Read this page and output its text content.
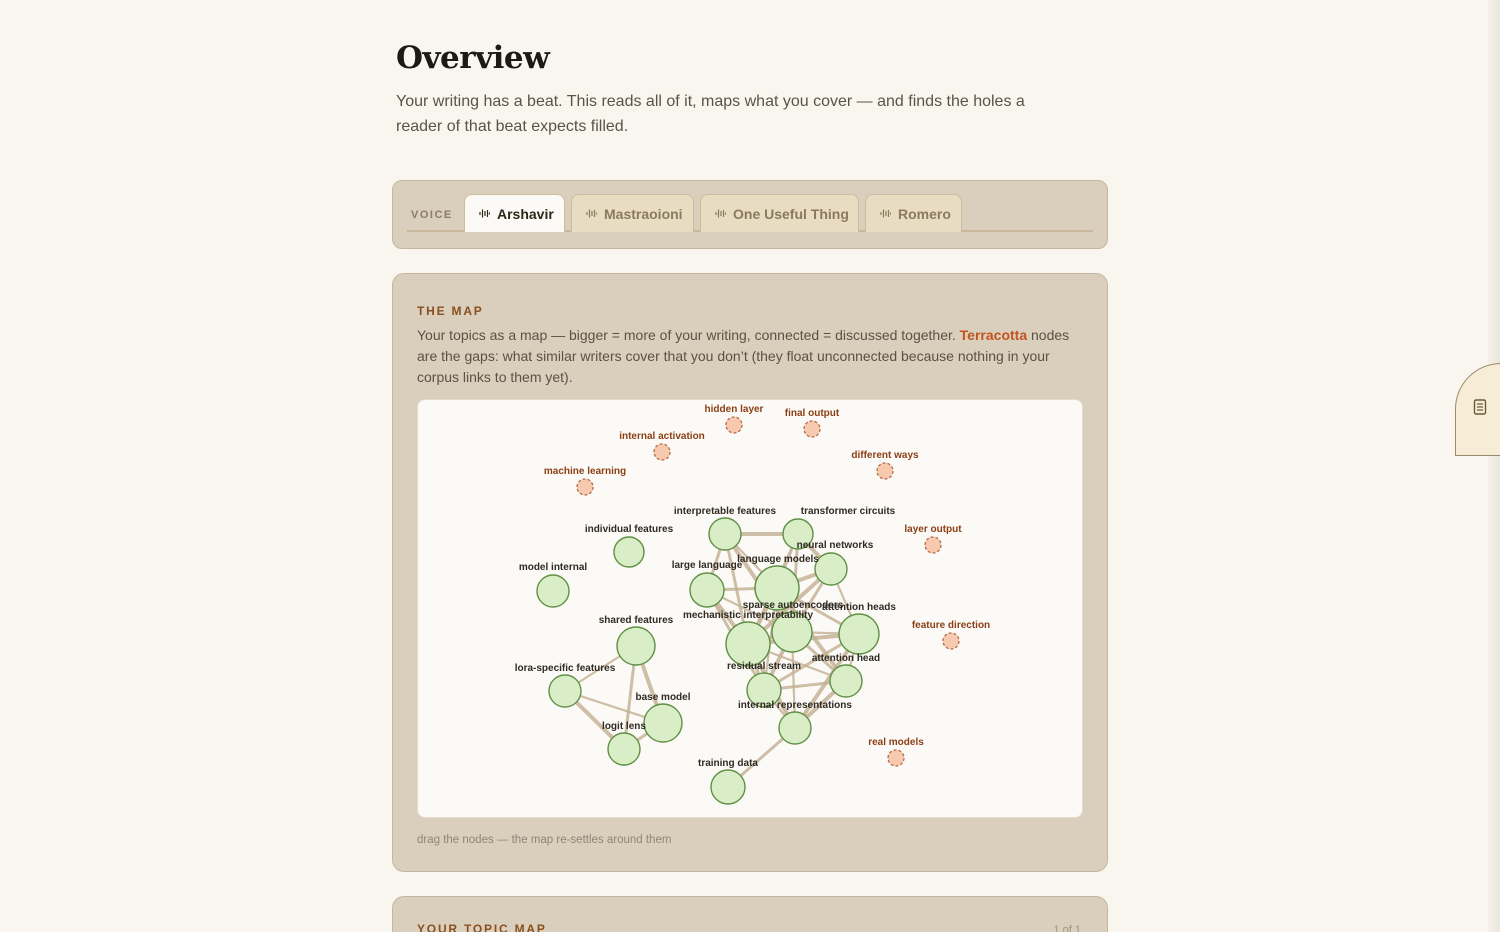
Overview

Your writing has a beat. This reads all of it, maps what you cover — and finds the holes a reader of that beat expects filled.

VOICE	Arshavir	Mastraoioni	One Useful Thing	Romero
THE MAP

Your topics as a map — bigger = more of your writing, connected = discussed together. Terracotta nodes are the gaps: what similar writers cover that you don’t (they float unconnected because nothing in your corpus links to them yet).

hidden layer final output
internal activation
different ways
machine learning
layer output
feature direction
real models
interpretable features transformer circuits
individual features
neural networks
model internal	large language
language models
sparse autoencoders
mechanistic interpretability
attention heads
shared features
lora-specific features	residual stream
attention head
base model
internal representations
logit lens
training data
drag the nodes — the map re-settles around them
YOUR TOPIC MAP	1 of 1
